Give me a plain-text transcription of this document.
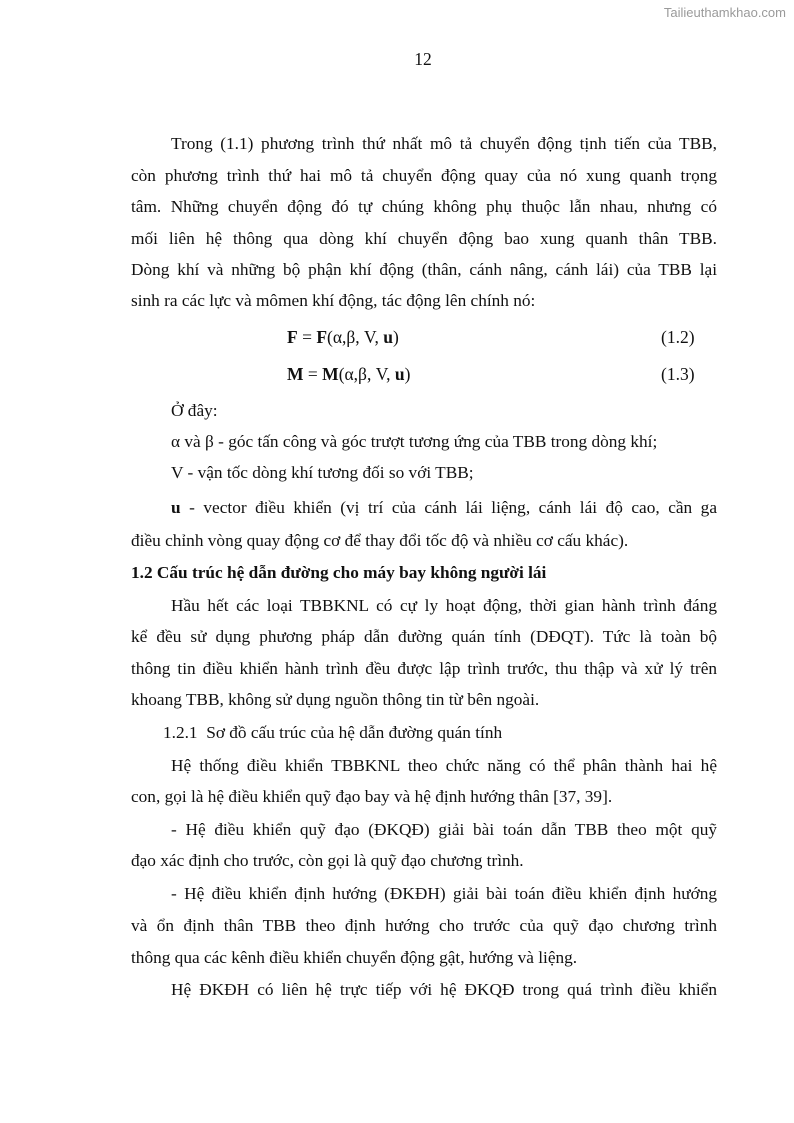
Tailieuthamkhao.com
12
Trong (1.1) phương trình thứ nhất mô tả chuyển động tịnh tiến của TBB,
còn phương trình thứ hai mô tả chuyển động quay của nó xung quanh trọng
tâm. Những chuyển động đó tự chúng không phụ thuộc lẫn nhau, nhưng có
mối liên hệ thông qua dòng khí chuyển động bao xung quanh thân TBB.
Dòng khí và những bộ phận khí động (thân, cánh nâng, cánh lái) của TBB lại
sinh ra các lực và mômen khí động, tác động lên chính nó:
F = F(α,β, V, u)	(1.2)
M = M(α,β, V, u)	(1.3)
Ở đây:
α và β - góc tấn công và góc trượt tương ứng của TBB trong dòng khí;
V - vận tốc dòng khí tương đối so với TBB;
u - vector điều khiển (vị trí của cánh lái liệng, cánh lái độ cao, cần ga
điều chỉnh vòng quay động cơ để thay đổi tốc độ và nhiều cơ cấu khác).
1.2 Cấu trúc hệ dẫn đường cho máy bay không người lái
Hầu hết các loại TBBKNL có cự ly hoạt động, thời gian hành trình đáng
kể đều sử dụng phương pháp dẫn đường quán tính (DĐQT). Tức là toàn bộ
thông tin điều khiển hành trình đều được lập trình trước, thu thập và xử lý trên
khoang TBB, không sử dụng nguồn thông tin từ bên ngoài.
1.2.1  Sơ đồ cấu trúc của hệ dẫn đường quán tính
Hệ thống điều khiển TBBKNL theo chức năng có thể phân thành hai hệ
con, gọi là hệ điều khiển quỹ đạo bay và hệ định hướng thân [37, 39].
- Hệ điều khiển quỹ đạo (ĐKQĐ) giải bài toán dẫn TBB theo một quỹ
đạo xác định cho trước, còn gọi là quỹ đạo chương trình.
- Hệ điều khiển định hướng (ĐKĐH) giải bài toán điều khiển định hướng
và ổn định thân TBB theo định hướng cho trước của quỹ đạo chương trình
thông qua các kênh điều khiển chuyển động gật, hướng và liệng.
Hệ ĐKĐH có liên hệ trực tiếp với hệ ĐKQĐ trong quá trình điều khiển
